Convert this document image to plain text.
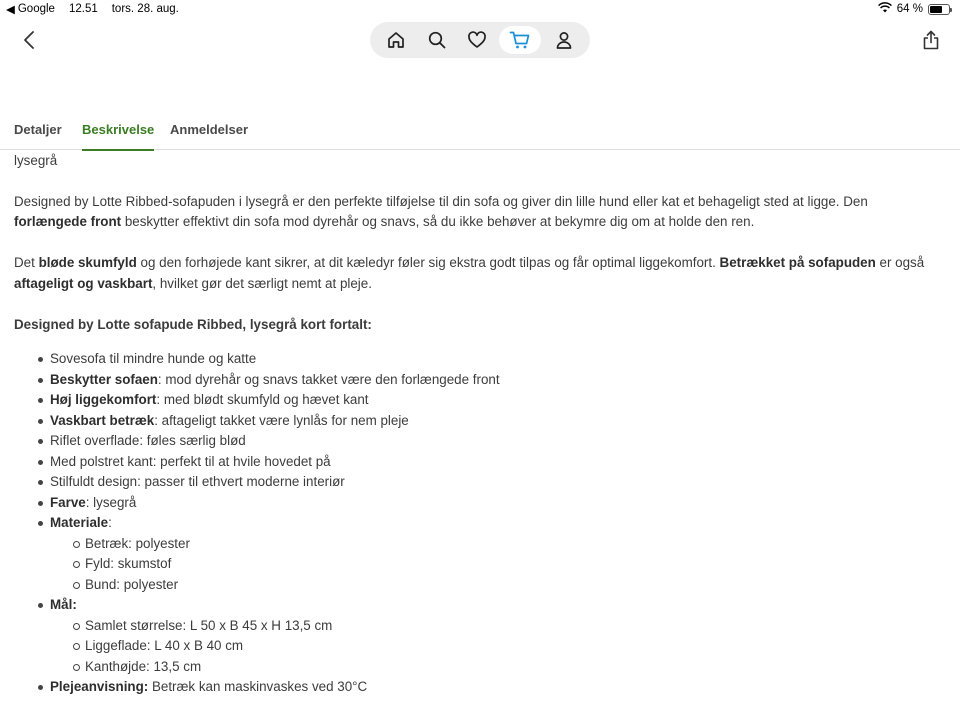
◀ Google 12.51 tors. 28. aug.	64 %
Detaljer Beskrivelse Anmeldelser

lysegrå

Designed by Lotte Ribbed-sofapuden i lysegrå er den perfekte tilføjelse til din sofa og giver din lille hund eller kat et behageligt sted at ligge. Den forlængede front beskytter effektivt din sofa mod dyrehår og snavs, så du ikke behøver at bekymre dig om at holde den ren.

Det bløde skumfyld og den forhøjede kant sikrer, at dit kæledyr føler sig ekstra godt tilpas og får optimal liggekomfort. Betrækket på sofapuden er også aftageligt og vaskbart, hvilket gør det særligt nemt at pleje.

Designed by Lotte sofapude Ribbed, lysegrå kort fortalt:

Sovesofa til mindre hunde og katte
Beskytter sofaen: mod dyrehår og snavs takket være den forlængede front
Høj liggekomfort: med blødt skumfyld og hævet kant
Vaskbart betræk: aftageligt takket være lynlås for nem pleje
Riflet overflade: føles særlig blød
Med polstret kant: perfekt til at hvile hovedet på
Stilfuldt design: passer til ethvert moderne interiør
Farve: lysegrå
Materiale:
Betræk: polyester
Fyld: skumstof
Bund: polyester
Mål:
Samlet størrelse: L 50 x B 45 x H 13,5 cm
Liggeflade: L 40 x B 40 cm
Kanthøjde: 13,5 cm
Plejeanvisning: Betræk kan maskinvaskes ved 30°C
